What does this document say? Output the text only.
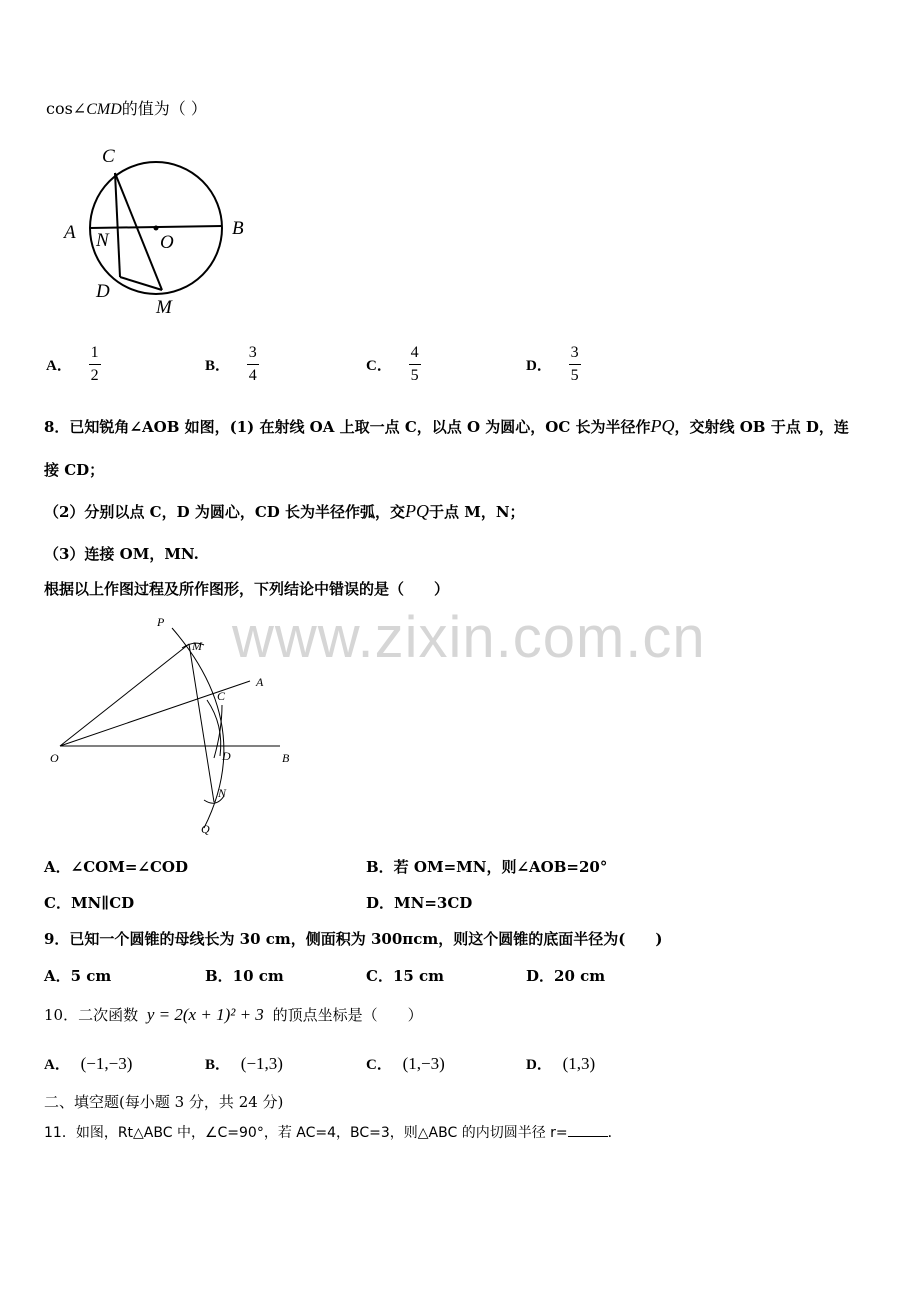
www.zixin.com.cn
cos∠CMD的值为（ ）
C
A N	O
B
D
M
A． $\frac{1}{2}$	B． $\frac{3}{4}$	C． $\frac{4}{5}$	D． $\frac{3}{5}$
8．已知锐角∠AOB 如图，(1) 在射线 OA 上取一点 C，以点 O 为圆心，OC 长为半径作PQ，交射线 OB 于点 D，连
接 CD；
（2）分别以点 C，D 为圆心，CD 长为半径作弧，交PQ于点 M，N；
（3）连接 OM，MN.
根据以上作图过程及所作图形，下列结论中错误的是（　　）
P
M
A
C
O	D	B
N
Q
A．∠COM=∠COD	B．若 OM=MN，则∠AOB=20°
C．MN∥CD	D．MN=3CD
9．已知一个圆锥的母线长为 30 cm，侧面积为 300πcm，则这个圆锥的底面半径为(　　)
A．5 cm	B．10 cm	C．15 cm	D．20 cm
10．二次函数 y = 2(x + 1)² + 3 的顶点坐标是（　　）
A． (−1,−3)	B． (−1,3)	C． (1,−3)	D． (1,3)
二、填空题(每小题 3 分，共 24 分)
11．如图，Rt△ABC 中，∠C=90°，若 AC=4，BC=3，则△ABC 的内切圆半径 r=	．
